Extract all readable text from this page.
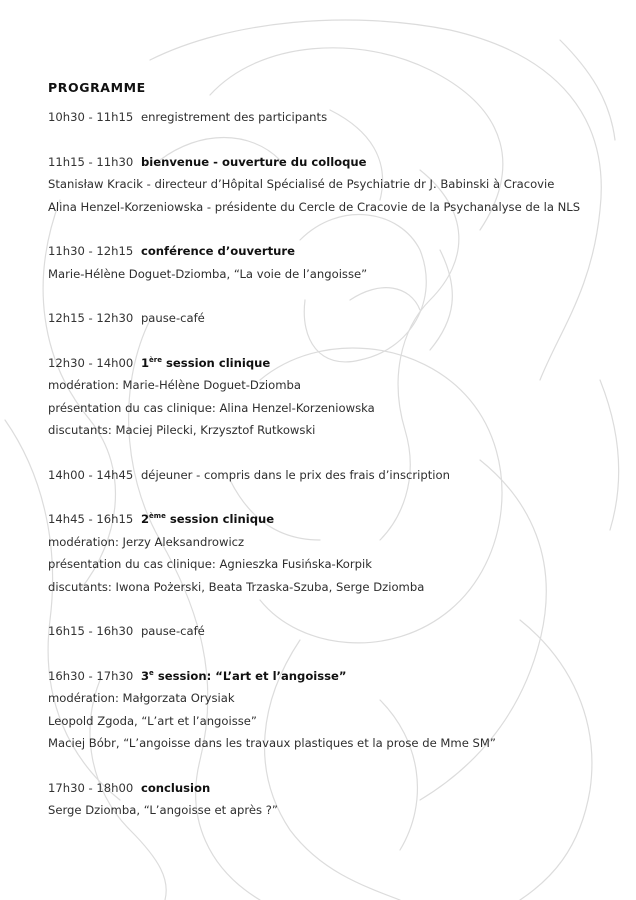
PROGRAMME
10h30 - 11h15 enregistrement des participants
11h15 - 11h30 bienvenue - ouverture du colloque
Stanisław Kracik - directeur d’Hôpital Spécialisé de Psychiatrie dr J. Babinski à Cracovie
Alina Henzel-Korzeniowska - présidente du Cercle de Cracovie de la Psychanalyse de la NLS
11h30 - 12h15 conférence d’ouverture
Marie-Hélène Doguet-Dziomba, “La voie de l’angoisse”
12h15 - 12h30 pause-café
12h30 - 14h00 1ère session clinique
modération: Marie-Hélène Doguet-Dziomba
présentation du cas clinique: Alina Henzel-Korzeniowska
discutants: Maciej Pilecki, Krzysztof Rutkowski
14h00 - 14h45 déjeuner - compris dans le prix des frais d’inscription
14h45 - 16h15 2ème session clinique
modération: Jerzy Aleksandrowicz
présentation du cas clinique: Agnieszka Fusińska-Korpik
discutants: Iwona Pożerski, Beata Trzaska-Szuba, Serge Dziomba
16h15 - 16h30 pause-café
16h30 - 17h30 3e session: “L’art et l’angoisse”
modération: Małgorzata Orysiak
Leopold Zgoda, “L’art et l’angoisse”
Maciej Bóbr, “L’angoisse dans les travaux plastiques et la prose de Mme SM”
17h30 - 18h00 conclusion
Serge Dziomba, “L’angoisse et après ?”
